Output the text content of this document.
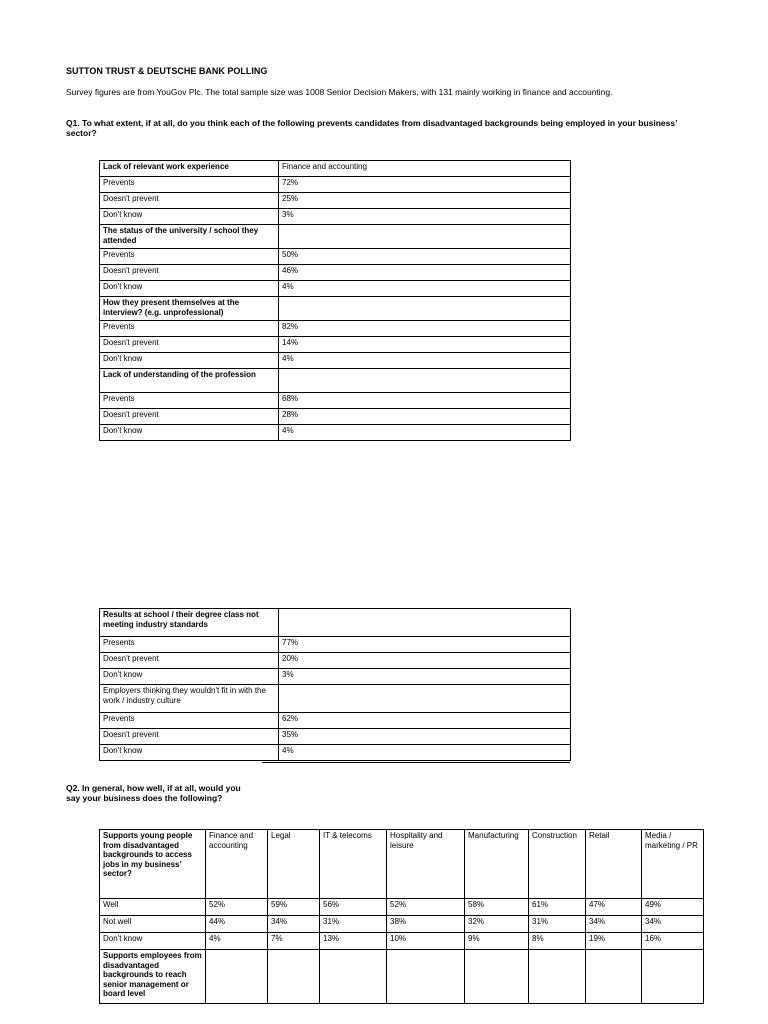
SUTTON TRUST & DEUTSCHE BANK POLLING

Survey figures are from YouGov Plc. The total sample size was 1008 Senior Decision Makers, with 131 mainly working in finance and accounting.

Q1. To what extent, if at all, do you think each of the following prevents candidates from disadvantaged backgrounds being employed in your business’ sector?

Lack of relevant work experience	Finance and accounting
Prevents	72%
Doesn't prevent	25%
Don't know	3%
The status of the university / school they attended	
Prevents	50%
Doesn't prevent	46%
Don't know	4%
How they present themselves at the interview? (e.g. unprofessional)	
Prevents	82%
Doesn't prevent	14%
Don't know	4%
Lack of understanding of the profession	
Prevents	68%
Doesn't prevent	28%
Don't know	4%
Results at school / their degree class not meeting industry standards	
Presents	77%
Doesn't prevent	20%
Don't know	3%
Employers thinking they wouldn't fit in with the work / industry culture	
Prevents	62%
Doesn't prevent	35%
Don't know	4%

Q2. In general, how well, if at all, would you say your business does the following?

Supports young people from disadvantaged backgrounds to access jobs in my business’ sector?	Finance and accounting	Legal	IT & telecoms	Hospitality and leisure	Manufacturing	Construction	Retail	Media / marketing / PR
Well	52%	59%	56%	52%	58%	61%	47%	49%
Not well	44%	34%	31%	38%	32%	31%	34%	34%
Don't know	4%	7%	13%	10%	9%	8%	19%	16%
Supports employees from disadvantaged backgrounds to reach senior management or board level								
